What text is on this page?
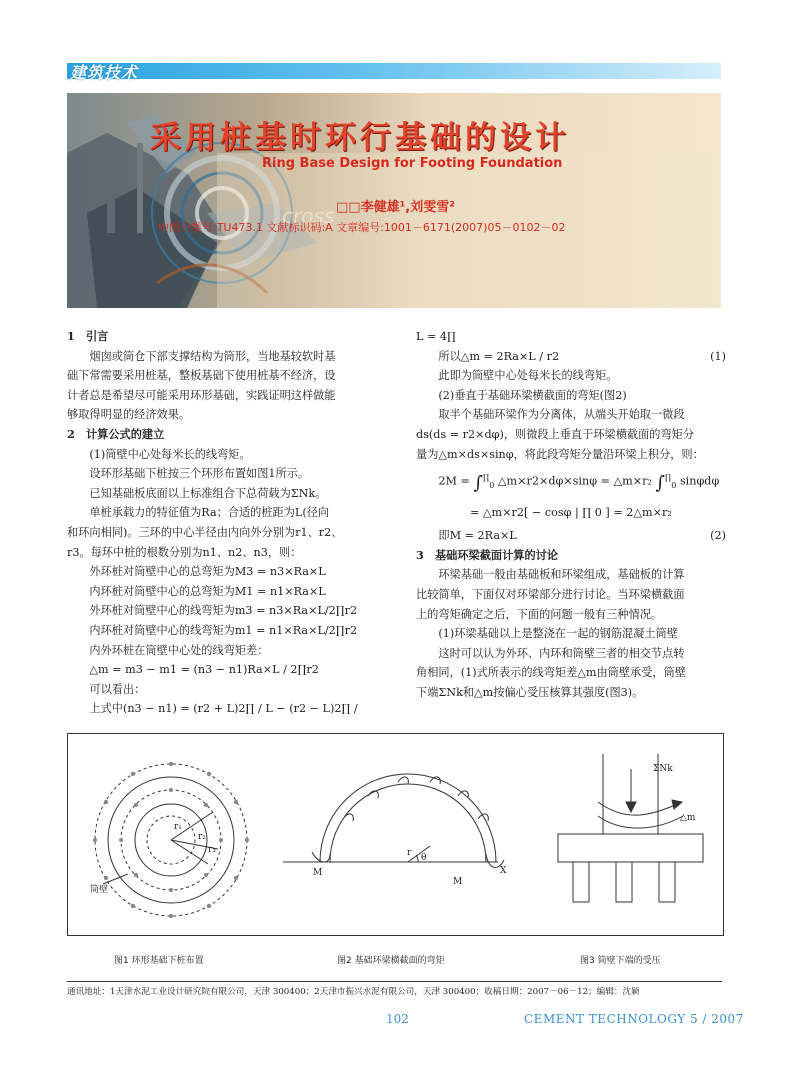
建筑技术
cross
采用桩基时环行基础的设计
Ring Base Design for Footing Foundation
□□李健雄¹,刘雯雪²
中图分类号:TU473.1 文献标识码:A 文章编号:1001－6171(2007)05－0102－02

1　引言

烟囱或筒仓下部支撑结构为筒形，当地基较软时基

础下常需要采用桩基，整板基础下使用桩基不经济，设

计者总是希望尽可能采用环形基础，实践证明这样做能

够取得明显的经济效果。

2　计算公式的建立

(1)筒壁中心处每米长的线弯矩。

设环形基础下桩按三个环形布置如图1所示。

已知基础板底面以上标准组合下总荷载为ΣNk。

单桩承载力的特征值为Ra；合适的桩距为L(径向

和环向相同)。三环的中心半径由内向外分别为r1、r2、

r3。每环中桩的根数分别为n1、n2、n3，则：

外环桩对筒壁中心的总弯矩为M3 = n3×Ra×L

内环桩对筒壁中心的总弯矩为M1 = n1×Ra×L

外环桩对筒壁中心的线弯矩为m3 = n3×Ra×L/2∏r2

内环桩对筒壁中心的线弯矩为m1 = n1×Ra×L/2∏r2

内外环桩在筒壁中心处的线弯矩差：

△m = m3 − m1 = (n3 − n1)Ra×L / 2∏r2

可以看出：

上式中(n3 − n1) = (r2 + L)2∏ / L − (r2 − L)2∏ /

L = 4∏

所以△m = 2Ra×L / r2	(1)

此即为筒壁中心处每米长的线弯矩。

(2)垂直于基础环梁横截面的弯矩(图2)

取半个基础环梁作为分离体，从端头开始取一微段

ds(ds = r2×dφ)，则微段上垂直于环梁横截面的弯矩分

量为△m×ds×sinφ，将此段弯矩分量沿环梁上积分，则：

$2M = \int^\prod_0$ △m×r2×dφ×sinφ = △m×r₂ $\int^\prod_0$ sinφdφ

= △m×r2[ − cosφ | ∏ 0 ] = 2△m×r₂

即M = 2Ra×L	(2)

3　基础环梁截面计算的讨论

环梁基础一般由基础板和环梁组成，基础板的计算

比较简单，下面仅对环梁部分进行讨论。当环梁横截面

上的弯矩确定之后，下面的问题一般有三种情况。

(1)环梁基础以上是整浇在一起的钢筋混凝土筒壁

这时可以认为外环、内环和筒壁三者的相交节点转

角相同，(1)式所表示的线弯矩差△m由筒壁承受，筒壁

下端ΣNk和△m按偏心受压核算其强度(图3)。

r₁
r₂
r₃
筒壁
M
M
r θ
X
ΣNk
△m
图1 环形基础下桩布置	图2 基础环梁横截面的弯矩	图3 筒壁下端的受压
通讯地址：1天津水泥工业设计研究院有限公司，天津 300400；2天津市振兴水泥有限公司，天津 300400；收稿日期：2007－06－12；编辑：沈颖
102	CEMENT TECHNOLOGY 5 / 2007
